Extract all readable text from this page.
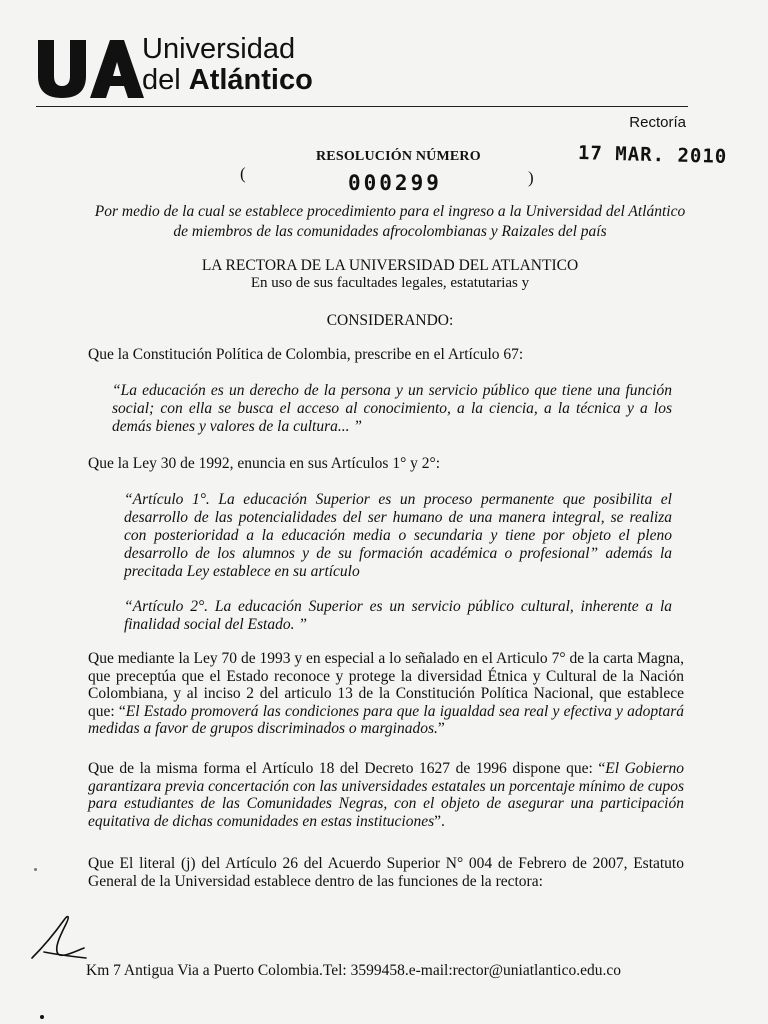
Universidad
del Atlántico
Rectoría
RESOLUCIÓN NÚMERO	17 MAR. 2010
(	000299	)
Por medio de la cual se establece procedimiento para el ingreso a la Universidad del Atlántico
de miembros de las comunidades afrocolombianas y Raizales del país
LA RECTORA DE LA UNIVERSIDAD DEL ATLANTICO
En uso de sus facultades legales, estatutarias y
CONSIDERANDO:
Que la Constitución Política de Colombia, prescribe en el Artículo 67:
“La educación es un derecho de la persona y un servicio público que tiene una función social; con ella se busca el acceso al conocimiento, a la ciencia, a la técnica y a los demás bienes y valores de la cultura... ”
Que la Ley 30 de 1992, enuncia en sus Artículos 1° y 2°:
“Artículo 1°. La educación Superior es un proceso permanente que posibilita el desarrollo de las potencialidades del ser humano de una manera integral, se realiza con posterioridad a la educación media o secundaria y tiene por objeto el pleno desarrollo de los alumnos y de su formación académica o profesional” además la precitada Ley establece en su artículo
“Artículo 2°. La educación Superior es un servicio público cultural, inherente a la finalidad social del Estado. ”
Que mediante la Ley 70 de 1993 y en especial a lo señalado en el Articulo 7° de la carta Magna, que preceptúa que el Estado reconoce y protege la diversidad Étnica y Cultural de la Nación Colombiana, y al inciso 2 del articulo 13 de la Constitución Política Nacional, que establece que: “El Estado promoverá las condiciones para que la igualdad sea real y efectiva y adoptará medidas a favor de grupos discriminados o marginados.”
Que de la misma forma el Artículo 18 del Decreto 1627 de 1996 dispone que: “El Gobierno garantizara previa concertación con las universidades estatales un porcentaje mínimo de cupos para estudiantes de las Comunidades Negras, con el objeto de asegurar una participación equitativa de dichas comunidades en estas instituciones”.
Que El literal (j) del Artículo 26 del Acuerdo Superior N° 004 de Febrero de 2007, Estatuto General de la Universidad establece dentro de las funciones de la rectora:
Km 7 Antigua Via a Puerto Colombia.Tel: 3599458.e-mail:rector@uniatlantico.edu.co
